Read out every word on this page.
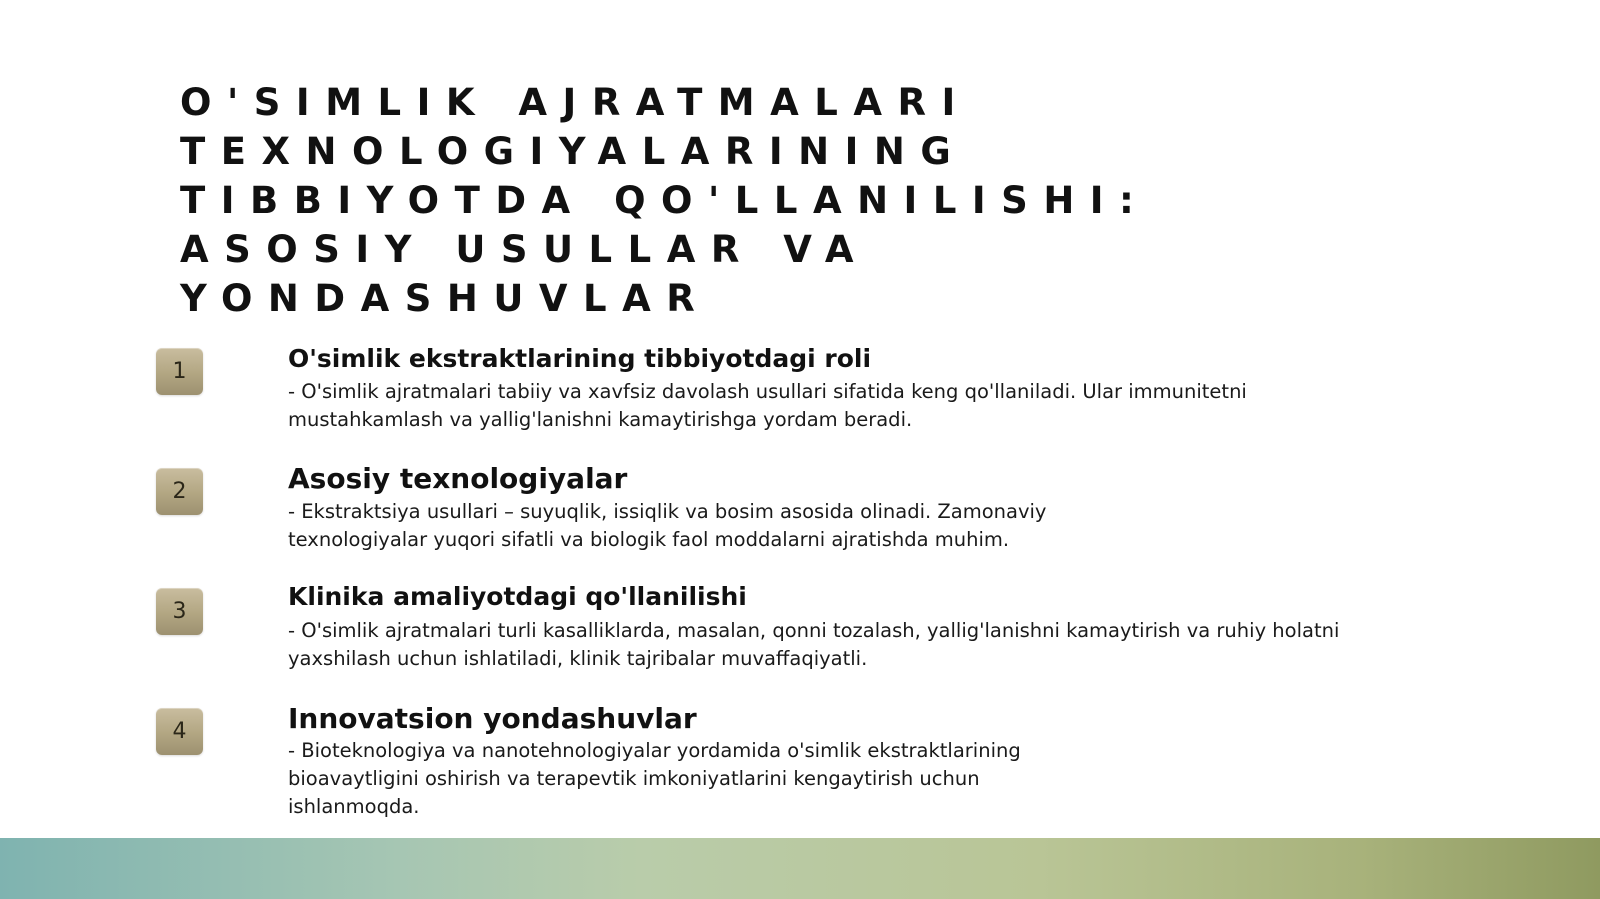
O'SIMLIK AJRATMALARI TEXNOLOGIYALARINING TIBBIYOTDA QO'LLANILISHI: ASOSIY USULLAR VA YONDASHUVLAR
1	O'simlik ekstraktlarining tibbiyotdagi roli
- O'simlik ajratmalari tabiiy va xavfsiz davolash usullari sifatida keng qo'llaniladi. Ular immunitetni mustahkamlash va yallig'lanishni kamaytirishga yordam beradi.
2	Asosiy texnologiyalar
- Ekstraktsiya usullari – suyuqlik, issiqlik va bosim asosida olinadi. Zamonaviy texnologiyalar yuqori sifatli va biologik faol moddalarni ajratishda muhim.
3
Klinika amaliyotdagi qo'llanilishi
- O'simlik ajratmalari turli kasalliklarda, masalan, qonni tozalash, yallig'lanishni kamaytirish va ruhiy holatni yaxshilash uchun ishlatiladi, klinik tajribalar muvaffaqiyatli.
4	Innovatsion yondashuvlar
- Bioteknologiya va nanotehnologiyalar yordamida o'simlik ekstraktlarining bioavaytligini oshirish va terapevtik imkoniyatlarini kengaytirish uchun ishlanmoqda.
